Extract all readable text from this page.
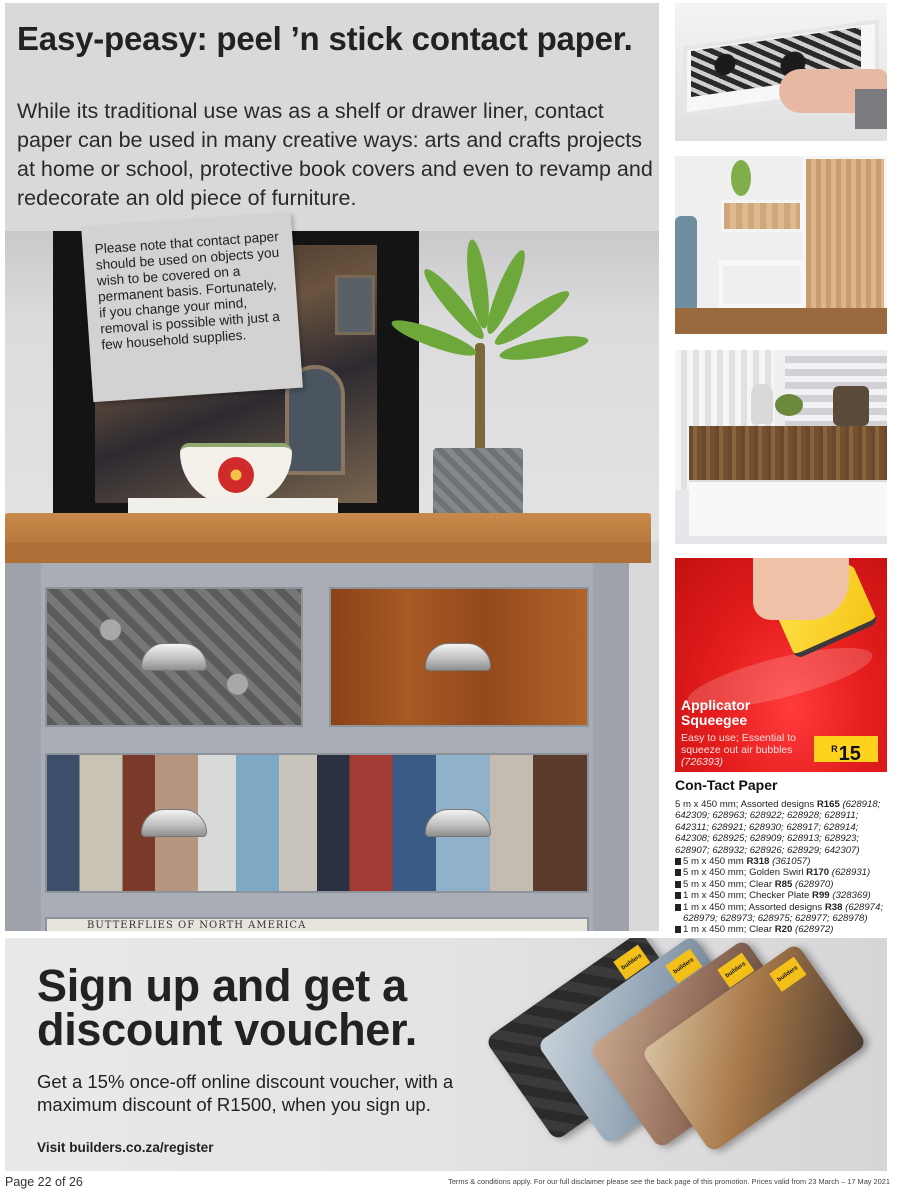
Easy-peasy: peel ’n stick contact paper.

While its traditional use was as a shelf or drawer liner, contact paper can be used in many creative ways: arts and crafts projects at home or school, protective book covers and even to revamp and redecorate an old piece of furniture.

BUTTERFLIES OF NORTH AMERICA

Please note that contact paper should be used on objects you wish to be covered on a permanent basis. Fortunately, if you change your mind, removal is possible with just a few household supplies.

Applicator Squeegee
Easy to use; Essential to squeeze out air bubbles (726393)
$^R$15
Con-Tact Paper

5 m x 450 mm; Assorted designs R165 (628918; 642309; 628963; 628922; 628928; 628911; 642311; 628921; 628930; 628917; 628914; 642308; 628925; 628909; 628913; 628923; 628907; 628932; 628926; 628929; 642307)

5 m x 450 mm R318 (361057)
5 m x 450 mm; Golden Swirl R170 (628931)
5 m x 450 mm; Clear R85 (628970)
1 m x 450 mm; Checker Plate R99 (328369)
1 m x 450 mm; Assorted designs R38 (628974; 628979; 628973; 628975; 628977; 628978)
1 m x 450 mm; Clear R20 (628972)
Sign up and get a discount voucher.

Get a 15% once-off online discount voucher, with a maximum discount of R1500, when you sign up.

Visit builders.co.za/register
builders	builders	builders	builders
Page 22 of 26	Terms & conditions apply. For our full disclaimer please see the back page of this promotion. Prices valid from 23 March – 17 May 2021
